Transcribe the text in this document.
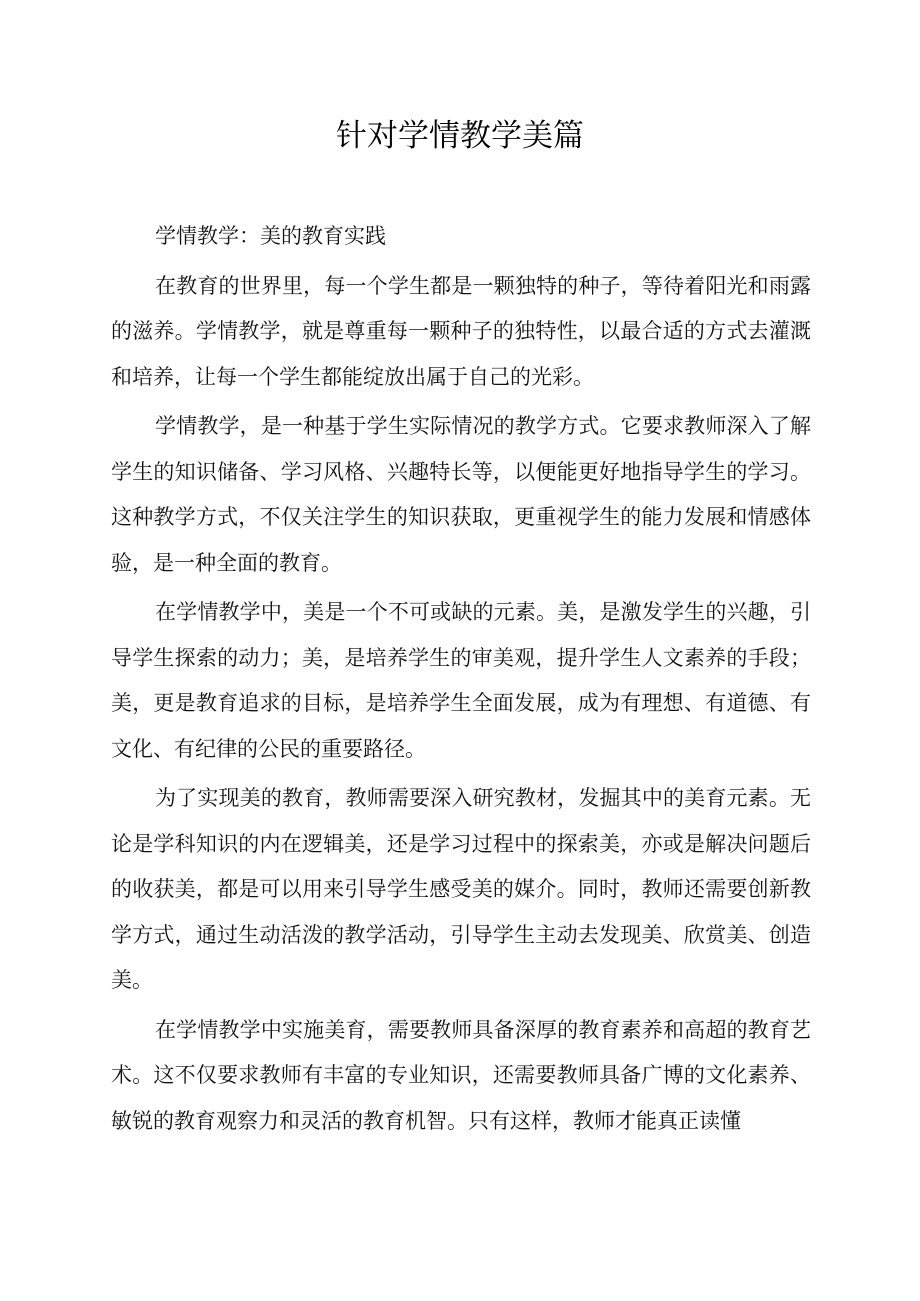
针对学情教学美篇

学情教学：美的教育实践

在教育的世界里，每一个学生都是一颗独特的种子，等待着阳光和雨露的滋养。学情教学，就是尊重每一颗种子的独特性，以最合适的方式去灌溉和培养，让每一个学生都能绽放出属于自己的光彩。

学情教学，是一种基于学生实际情况的教学方式。它要求教师深入了解学生的知识储备、学习风格、兴趣特长等，以便能更好地指导学生的学习。这种教学方式，不仅关注学生的知识获取，更重视学生的能力发展和情感体验，是一种全面的教育。

在学情教学中，美是一个不可或缺的元素。美，是激发学生的兴趣，引导学生探索的动力；美，是培养学生的审美观，提升学生人文素养的手段；美，更是教育追求的目标，是培养学生全面发展，成为有理想、有道德、有文化、有纪律的公民的重要路径。

为了实现美的教育，教师需要深入研究教材，发掘其中的美育元素。无论是学科知识的内在逻辑美，还是学习过程中的探索美，亦或是解决问题后的收获美，都是可以用来引导学生感受美的媒介。同时，教师还需要创新教学方式，通过生动活泼的教学活动，引导学生主动去发现美、欣赏美、创造美。

在学情教学中实施美育，需要教师具备深厚的教育素养和高超的教育艺术。这不仅要求教师有丰富的专业知识，还需要教师具备广博的文化素养、敏锐的教育观察力和灵活的教育机智。只有这样，教师才能真正读懂
